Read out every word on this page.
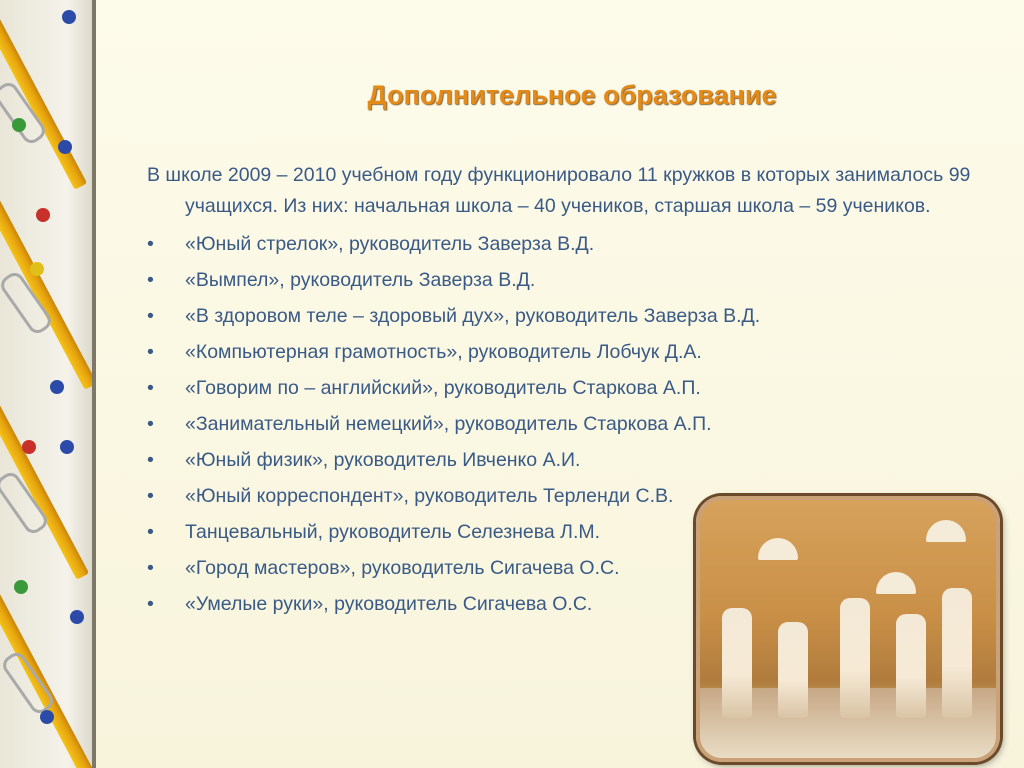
Дополнительное образование

В школе 2009 – 2010 учебном году функционировало 11 кружков в которых занималось 99 учащихся. Из них: начальная школа – 40 учеников, старшая школа – 59 учеников.

• «Юный стрелок», руководитель Заверза В.Д.
• «Вымпел», руководитель Заверза В.Д.
• «В здоровом теле – здоровый дух», руководитель Заверза В.Д.
• «Компьютерная грамотность», руководитель Лобчук Д.А.
• «Говорим по – английский», руководитель Старкова А.П.
• «Занимательный немецкий», руководитель Старкова А.П.
• «Юный физик», руководитель Ивченко А.И.
• «Юный корреспондент», руководитель Терленди С.В.
• Танцевальный, руководитель Селезнева Л.М.
• «Город мастеров», руководитель Сигачева О.С.
• «Умелые руки», руководитель Сигачева О.С.
